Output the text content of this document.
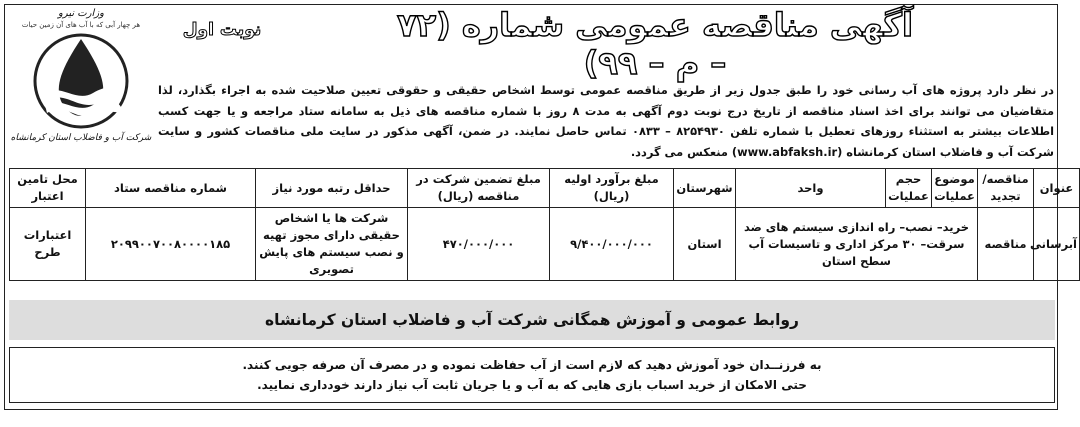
وزارت نیرو
هر چهار آبی که با آب های آن زمین حیات
شرکت آب و فاضلاب استان کرمانشاه
آگهی مناقصه عمومی شماره (۷۲ – م – ۹۹)
نوبت اول
در نظر دارد پروژه های آب رسانی خود را طبق جدول زیر از طریق مناقصه عمومی توسط اشخاص حقیقی و حقوقی تعیین صلاحیت شده به اجراء بگذارد، لذا متقاضیان می توانند برای اخذ اسناد مناقصه از تاریخ درج نوبت دوم آگهی به مدت ۸ روز با شماره مناقصه های ذیل به سامانه ستاد مراجعه و یا جهت کسب اطلاعات بیشتر به استثناء روزهای تعطیل با شماره تلفن ۸۲۵۴۹۳۰ – ۰۸۳۳ تماس حاصل نمایند. در ضمن، آگهی مذکور در سایت ملی مناقصات کشور و سایت شرکت آب و فاضلاب استان کرمانشاه (www.abfaksh.ir) منعکس می گردد.
عنوان	مناقصه/ تجدید	موضوع عملیات	حجم عملیات	واحد	شهرستان	مبلغ برآورد اولیه (ریال)	مبلغ تضمین شرکت در مناقصه (ریال)	حداقل رتبه مورد نیاز	شماره مناقصه ستاد	محل تامین اعتبار
آبرسانی	مناقصه	خرید– نصب– راه اندازی سیستم های ضد سرقت– ۳۰ مرکز اداری و تاسیسات آب سطح استان			استان	۹/۴۰۰/۰۰۰/۰۰۰	۴۷۰/۰۰۰/۰۰۰	شرکت ها یا اشخاص حقیقی دارای مجوز تهیه و نصب سیستم های پایش تصویری	۲۰۹۹۰۰۷۰۰۸۰۰۰۰۱۸۵	اعتبارات طرح
روابط عمومی و آموزش همگانی شرکت آب و فاضلاب استان کرمانشاه
به فرزنــدان خود آموزش دهید که لازم است از آب حفاظت نموده و در مصرف آن صرفه جویی کنند.
حتی الامکان از خرید اسباب بازی هایی که به آب و یا جریان ثابت آب نیاز دارند خودداری نمایید.
